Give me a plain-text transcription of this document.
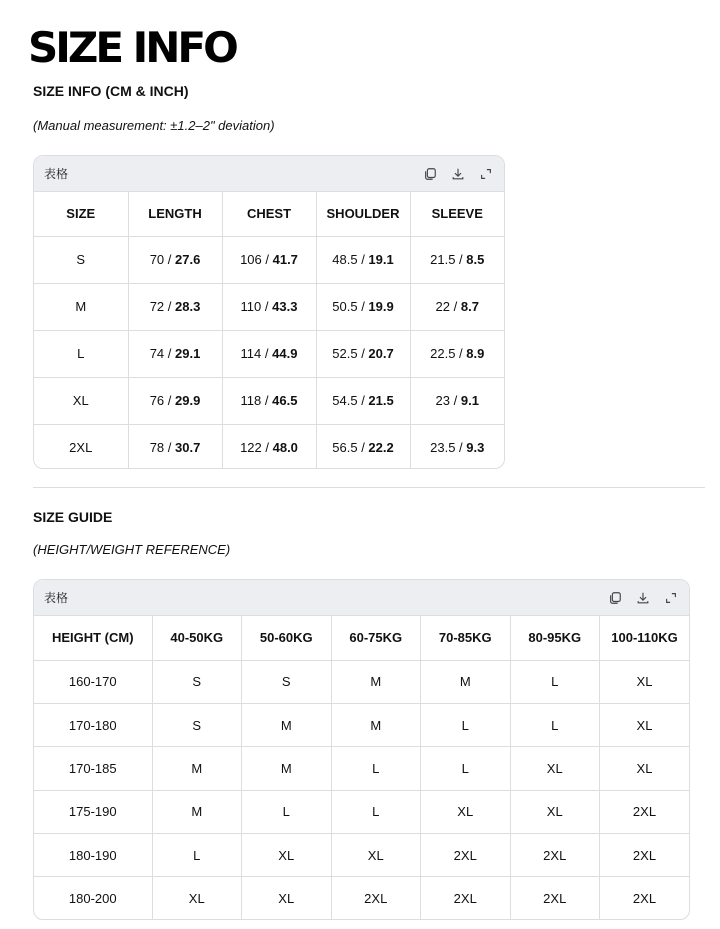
SIZE INFO
SIZE INFO (CM & INCH)
(Manual measurement: ±1.2–2" deviation)
表格
SIZE	LENGTH	CHEST	SHOULDER	SLEEVE
S	70 / 27.6	106 / 41.7	48.5 / 19.1	21.5 / 8.5
M	72 / 28.3	110 / 43.3	50.5 / 19.9	22 / 8.7
L	74 / 29.1	114 / 44.9	52.5 / 20.7	22.5 / 8.9
XL	76 / 29.9	118 / 46.5	54.5 / 21.5	23 / 9.1
2XL	78 / 30.7	122 / 48.0	56.5 / 22.2	23.5 / 9.3
SIZE GUIDE
(HEIGHT/WEIGHT REFERENCE)
表格
HEIGHT (CM)	40-50KG	50-60KG	60-75KG	70-85KG	80-95KG	100-110KG
160-170	S	S	M	M	L	XL
170-180	S	M	M	L	L	XL
170-185	M	M	L	L	XL	XL
175-190	M	L	L	XL	XL	2XL
180-190	L	XL	XL	2XL	2XL	2XL
180-200	XL	XL	2XL	2XL	2XL	2XL
